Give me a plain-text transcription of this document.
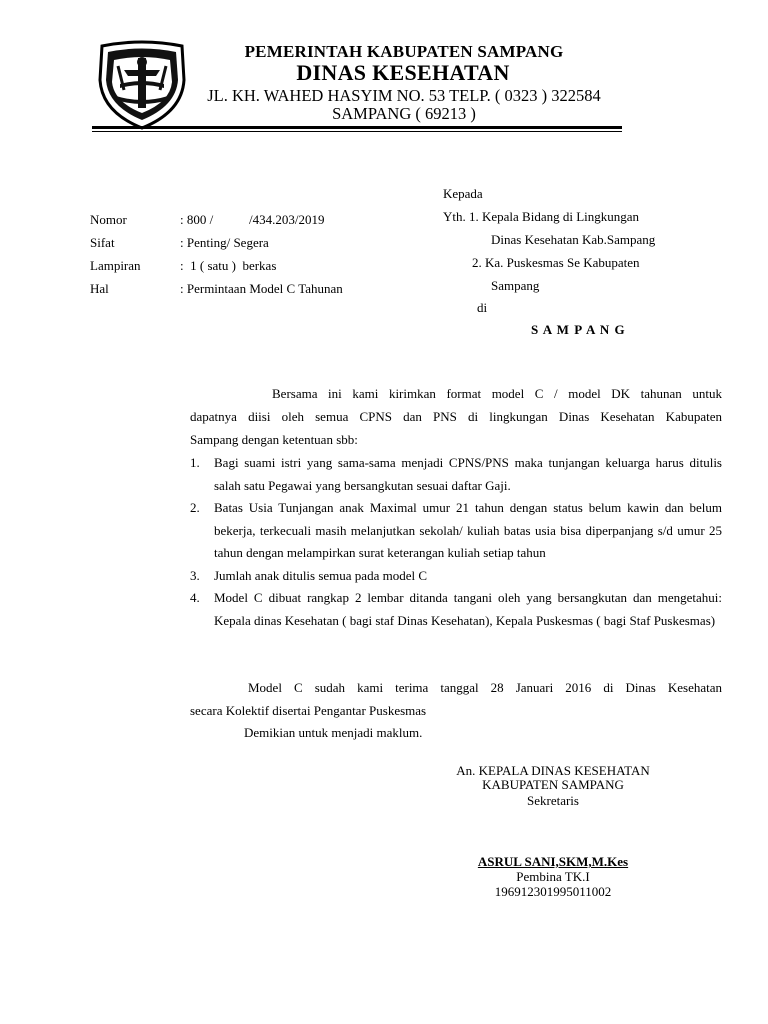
PEMERINTAH KABUPATEN SAMPANG
DINAS KESEHATAN
JL. KH. WAHED HASYIM NO. 53 TELP. ( 0323 ) 322584
SAMPANG ( 69213 )
Kepada
Yth. 1. Kepala Bidang di Lingkungan
Dinas Kesehatan Kab.Sampang
2. Ka. Puskesmas Se Kabupaten
Sampang
di
S A M P A N G
Nomor	: 800 /           /434.203/2019
Sifat	: Penting/ Segera
Lampiran	:  1 ( satu )  berkas
Hal	: Permintaan Model C Tahunan
Bersama ini kami kirimkan format model C / model DK tahunan untuk
dapatnya diisi oleh semua CPNS dan PNS di lingkungan Dinas Kesehatan Kabupaten
Sampang dengan ketentuan sbb:
1. Bagi suami istri yang sama-sama menjadi CPNS/PNS maka tunjangan keluarga harus ditulis salah satu Pegawai yang bersangkutan sesuai daftar Gaji.
2. Batas Usia Tunjangan anak Maximal umur 21 tahun dengan status belum kawin dan belum bekerja, terkecuali masih melanjutkan sekolah/ kuliah batas usia bisa diperpanjang s/d umur 25 tahun dengan melampirkan surat keterangan kuliah setiap tahun
3. Jumlah anak ditulis semua pada model C
4. Model C dibuat rangkap 2 lembar ditanda tangani oleh yang bersangkutan dan mengetahui: Kepala dinas Kesehatan ( bagi staf Dinas Kesehatan), Kepala Puskesmas ( bagi Staf Puskesmas)
Model C sudah kami terima tanggal 28 Januari 2016 di Dinas Kesehatan
secara Kolektif disertai Pengantar Puskesmas
Demikian untuk menjadi maklum.
An. KEPALA DINAS KESEHATAN
KABUPATEN SAMPANG
Sekretaris
ASRUL SANI,SKM,M.Kes
Pembina TK.I
196912301995011002
